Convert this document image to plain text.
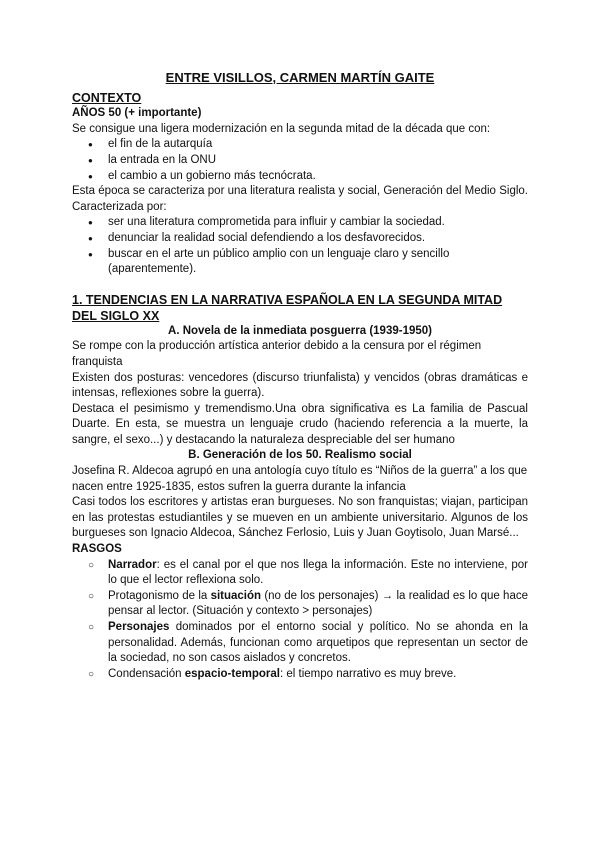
ENTRE VISILLOS, CARMEN MARTÍN GAITE
CONTEXTO
AÑOS 50 (+ importante)
Se consigue una ligera modernización en la segunda mitad de la década que con:
● el fin de la autarquía
● la entrada en la ONU
● el cambio a un gobierno más tecnócrata.
Esta época se caracteriza por una literatura realista y social, Generación del Medio Siglo. Caracterizada por:
● ser una literatura comprometida para influir y cambiar la sociedad.
● denunciar la realidad social defendiendo a los desfavorecidos.
● buscar en el arte un público amplio con un lenguaje claro y sencillo (aparentemente).
1. TENDENCIAS EN LA NARRATIVA ESPAÑOLA EN LA SEGUNDA MITAD DEL SIGLO XX
A. Novela de la inmediata posguerra (1939-1950)
Se rompe con la producción artística anterior debido a la censura por el régimen franquista
Existen dos posturas: vencedores (discurso triunfalista) y vencidos (obras dramáticas e intensas, reflexiones sobre la guerra).
Destaca el pesimismo y tremendismo.Una obra significativa es La familia de Pascual Duarte. En esta, se muestra un lenguaje crudo (haciendo referencia a la muerte, la sangre, el sexo...) y destacando la naturaleza despreciable del ser humano
B. Generación de los 50. Realismo social
Josefina R. Aldecoa agrupó en una antología cuyo título es “Niños de la guerra” a los que nacen entre 1925-1835, estos sufren la guerra durante la infancia
Casi todos los escritores y artistas eran burgueses. No son franquistas; viajan, participan en las protestas estudiantiles y se mueven en un ambiente universitario. Algunos de los burgueses son Ignacio Aldecoa, Sánchez Ferlosio, Luis y Juan Goytisolo, Juan Marsé...
RASGOS
○ Narrador: es el canal por el que nos llega la información. Este no interviene, por lo que el lector reflexiona solo.
○ Protagonismo de la situación (no de los personajes) → la realidad es lo que hace pensar al lector. (Situación y contexto > personajes)
○ Personajes dominados por el entorno social y político. No se ahonda en la personalidad. Además, funcionan como arquetipos que representan un sector de la sociedad, no son casos aislados y concretos.
○ Condensación espacio-temporal: el tiempo narrativo es muy breve.
